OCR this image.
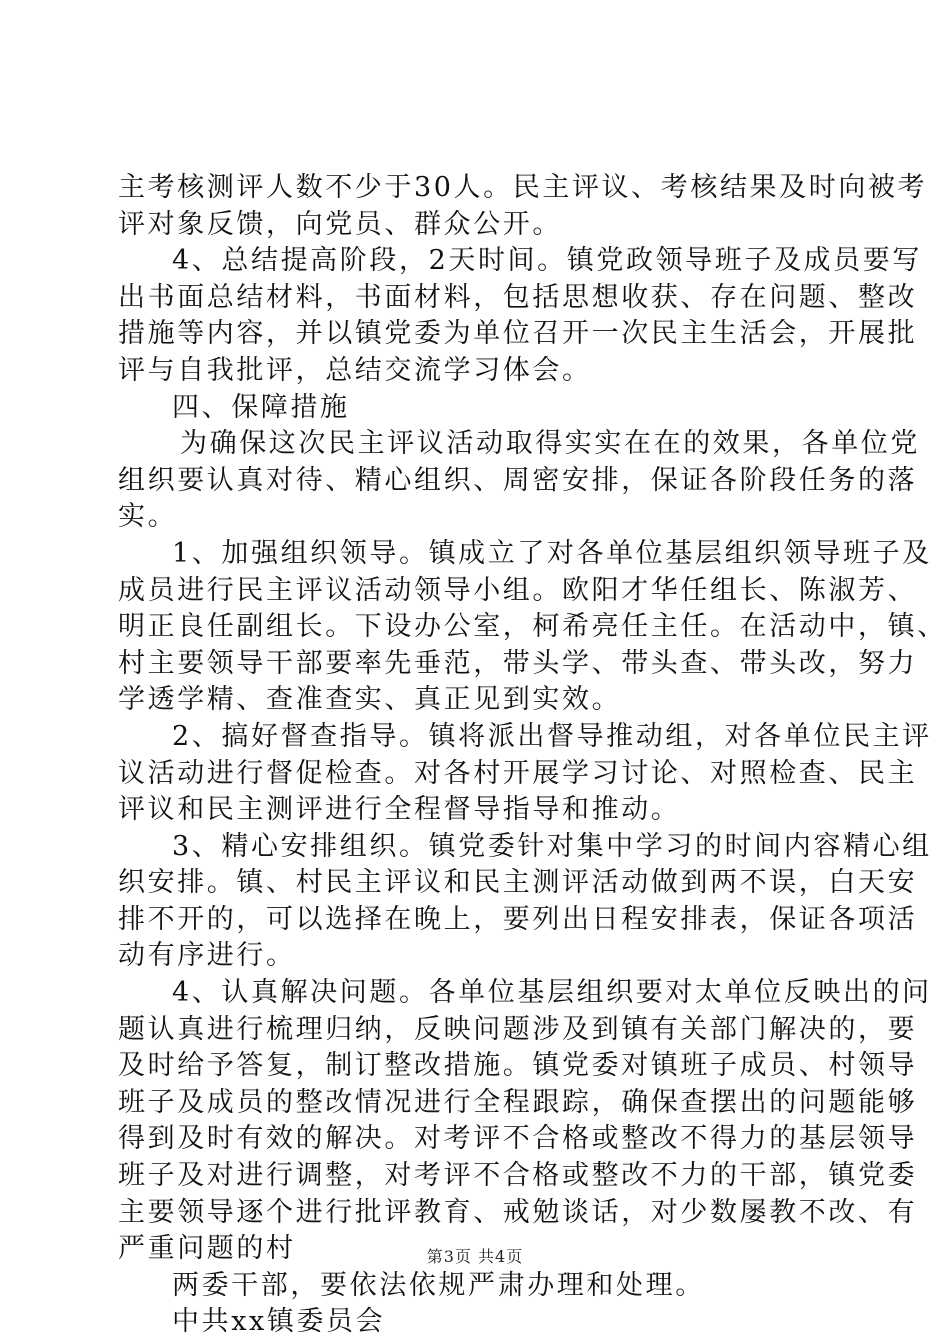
主考核测评人数不少于30人。民主评议、考核结果及时向被考
评对象反馈，向党员、群众公开。
4、总结提高阶段，2天时间。镇党政领导班子及成员要写
出书面总结材料，书面材料，包括思想收获、存在问题、整改
措施等内容，并以镇党委为单位召开一次民主生活会，开展批
评与自我批评，总结交流学习体会。
四、保障措施
为确保这次民主评议活动取得实实在在的效果，各单位党
组织要认真对待、精心组织、周密安排，保证各阶段任务的落
实。
1、加强组织领导。镇成立了对各单位基层组织领导班子及
成员进行民主评议活动领导小组。欧阳才华任组长、陈淑芳、
明正良任副组长。下设办公室，柯希亮任主任。在活动中，镇、
村主要领导干部要率先垂范，带头学、带头查、带头改，努力
学透学精、查准查实、真正见到实效。
2、搞好督查指导。镇将派出督导推动组，对各单位民主评
议活动进行督促检查。对各村开展学习讨论、对照检查、民主
评议和民主测评进行全程督导指导和推动。
3、精心安排组织。镇党委针对集中学习的时间内容精心组
织安排。镇、村民主评议和民主测评活动做到两不误，白天安
排不开的，可以选择在晚上，要列出日程安排表，保证各项活
动有序进行。
4、认真解决问题。各单位基层组织要对太单位反映出的问
题认真进行梳理归纳，反映问题涉及到镇有关部门解决的，要
及时给予答复，制订整改措施。镇党委对镇班子成员、村领导
班子及成员的整改情况进行全程跟踪，确保查摆出的问题能够
得到及时有效的解决。对考评不合格或整改不得力的基层领导
班子及对进行调整，对考评不合格或整改不力的干部，镇党委
主要领导逐个进行批评教育、戒勉谈话，对少数屡教不改、有
严重问题的村
两委干部，要依法依规严肃办理和处理。
中共xx镇委员会

第3页 共4页
